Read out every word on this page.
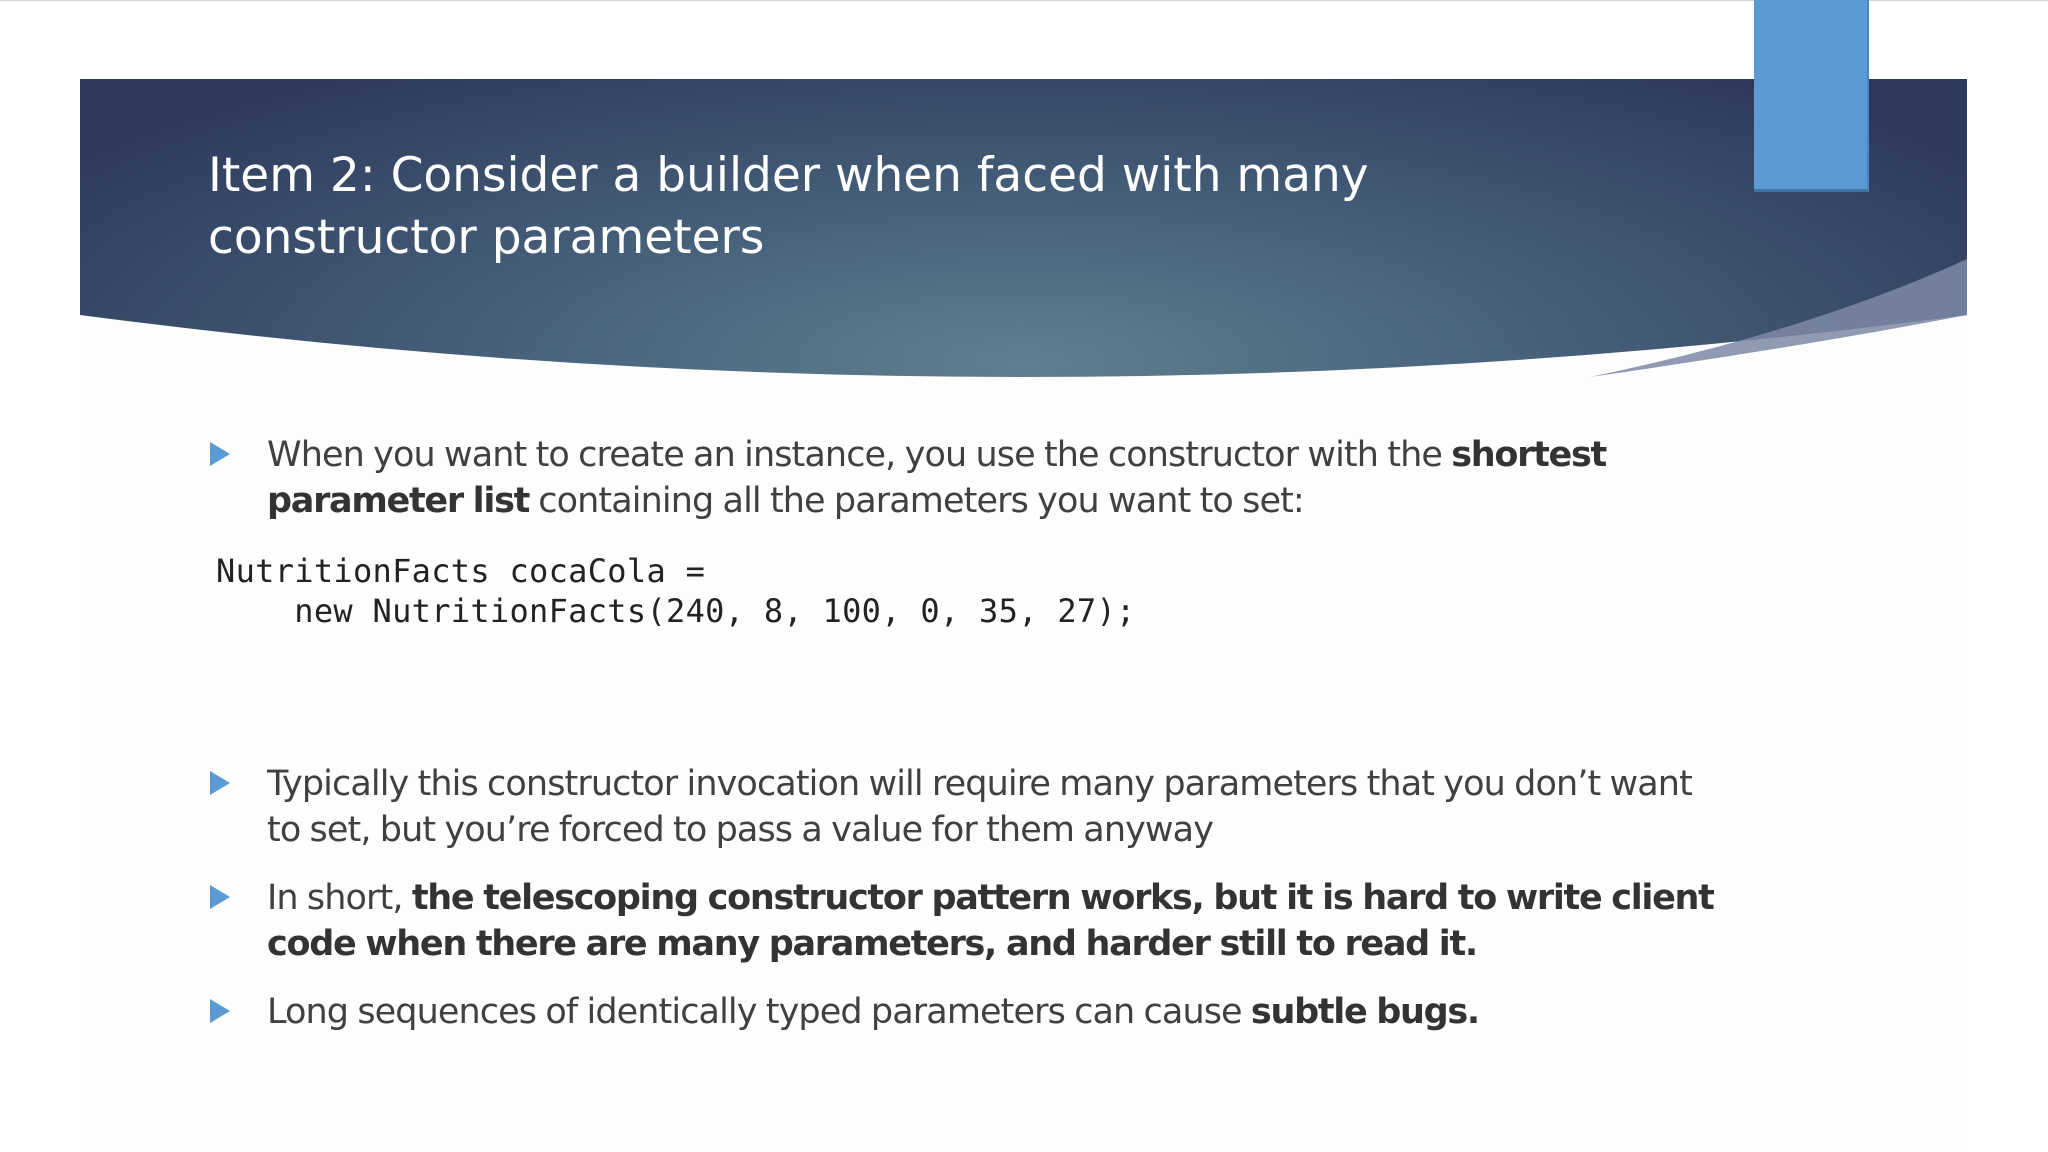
Item 2: Consider a builder when faced with many constructor parameters
When you want to create an instance, you use the constructor with the shortest parameter list containing all the parameters you want to set:
NutritionFacts cocaCola =
new NutritionFacts(240, 8, 100, 0, 35, 27);
Typically this constructor invocation will require many parameters that you don’t want to set, but you’re forced to pass a value for them anyway
In short, the telescoping constructor pattern works, but it is hard to write client code when there are many parameters, and harder still to read it.
Long sequences of identically typed parameters can cause subtle bugs.
